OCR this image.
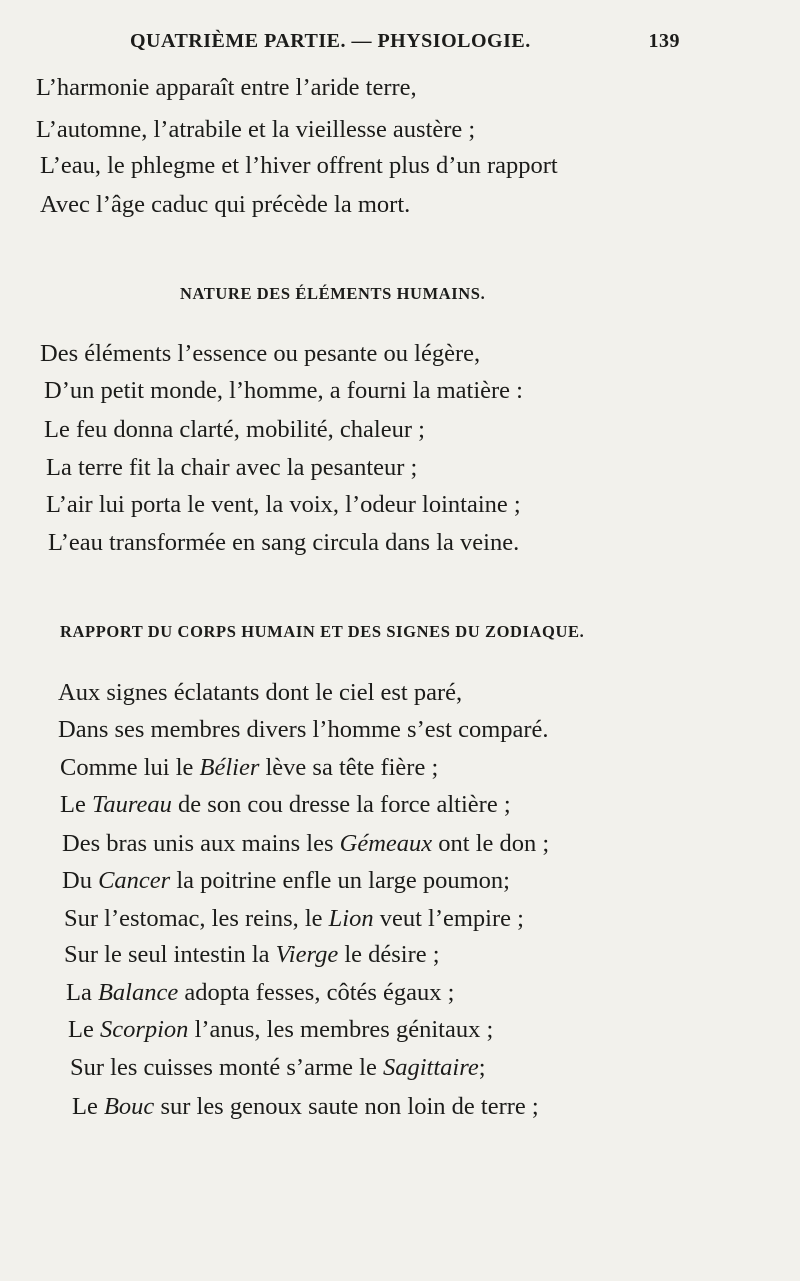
QUATRIÈME PARTIE. — PHYSIOLOGIE.	139
L’harmonie apparaît entre l’aride terre,
L’automne, l’atrabile et la vieillesse austère ;
L’eau, le phlegme et l’hiver offrent plus d’un rapport
Avec l’âge caduc qui précède la mort.
NATURE DES ÉLÉMENTS HUMAINS.
Des éléments l’essence ou pesante ou légère,
D’un petit monde, l’homme, a fourni la matière :
Le feu donna clarté, mobilité, chaleur ;
La terre fit la chair avec la pesanteur ;
L’air lui porta le vent, la voix, l’odeur lointaine ;
L’eau transformée en sang circula dans la veine.
RAPPORT DU CORPS HUMAIN ET DES SIGNES DU ZODIAQUE.
Aux signes éclatants dont le ciel est paré,
Dans ses membres divers l’homme s’est comparé.
Comme lui le Bélier lève sa tête fière ;
Le Taureau de son cou dresse la force altière ;
Des bras unis aux mains les Gémeaux ont le don ;
Du Cancer la poitrine enfle un large poumon;
Sur l’estomac, les reins, le Lion veut l’empire ;
Sur le seul intestin la Vierge le désire ;
La Balance adopta fesses, côtés égaux ;
Le Scorpion l’anus, les membres génitaux ;
Sur les cuisses monté s’arme le Sagittaire;
Le Bouc sur les genoux saute non loin de terre ;
